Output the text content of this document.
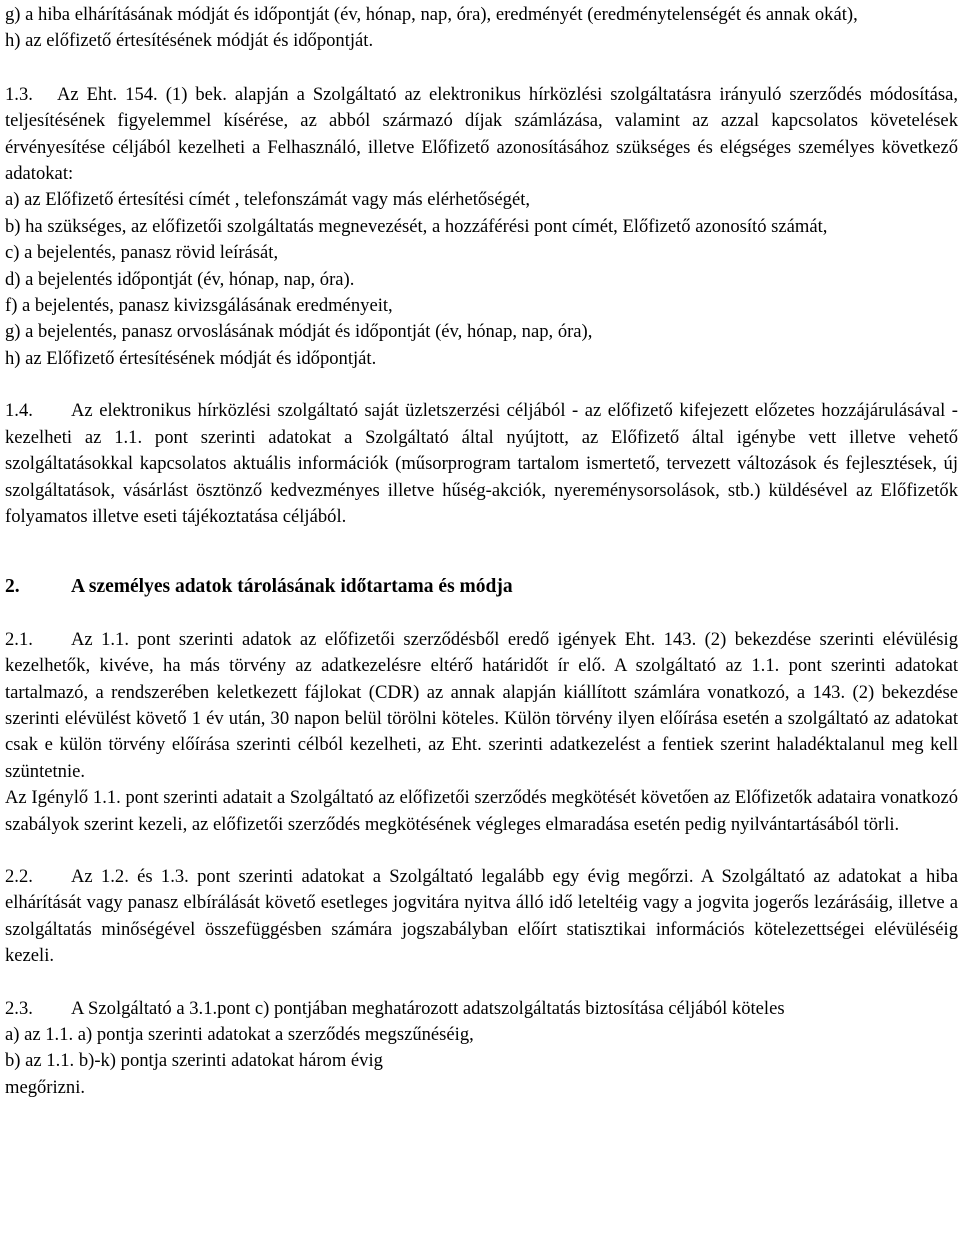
g) a hiba elhárításának módját és időpontját (év, hónap, nap, óra), eredményét (eredménytelenségét és annak okát),

h) az előfizető értesítésének módját és időpontját.

1.3. Az Eht. 154. (1) bek. alapján a Szolgáltató az elektronikus hírközlési szolgáltatásra irányuló szerződés módosítása, teljesítésének figyelemmel kísérése, az abból származó díjak számlázása, valamint az azzal kapcsolatos követelések érvényesítése céljából kezelheti a Felhasználó, illetve Előfizető azonosításához szükséges és elégséges személyes következő adatokat:

a) az Előfizető értesítési címét , telefonszámát vagy más elérhetőségét,

b) ha szükséges, az előfizetői szolgáltatás megnevezését, a hozzáférési pont címét, Előfizető azonosító számát,

c) a bejelentés, panasz rövid leírását,

d) a bejelentés időpontját (év, hónap, nap, óra).

f) a bejelentés, panasz kivizsgálásának eredményeit,

g) a bejelentés, panasz orvoslásának módját és időpontját (év, hónap, nap, óra),

h) az Előfizető értesítésének módját és időpontját.

1.4. Az elektronikus hírközlési szolgáltató saját üzletszerzési céljából - az előfizető kifejezett előzetes hozzájárulásával - kezelheti az 1.1. pont szerinti adatokat a Szolgáltató által nyújtott, az Előfizető által igénybe vett illetve vehető szolgáltatásokkal kapcsolatos aktuális információk (műsorprogram tartalom ismertető, tervezett változások és fejlesztések, új szolgáltatások, vásárlást ösztönző kedvezményes illetve hűség-akciók, nyereménysorsolások, stb.) küldésével az Előfizetők folyamatos illetve eseti tájékoztatása céljából.

2.	A személyes adatok tárolásának időtartama és módja

2.1. Az 1.1. pont szerinti adatok az előfizetői szerződésből eredő igények Eht. 143. (2) bekezdése szerinti elévülésig kezelhetők, kivéve, ha más törvény az adatkezelésre eltérő határidőt ír elő. A szolgáltató az 1.1. pont szerinti adatokat tartalmazó, a rendszerében keletkezett fájlokat (CDR) az annak alapján kiállított számlára vonatkozó, a 143. (2) bekezdése szerinti elévülést követő 1 év után, 30 napon belül törölni köteles. Külön törvény ilyen előírása esetén a szolgáltató az adatokat csak e külön törvény előírása szerinti célból kezelheti, az Eht. szerinti adatkezelést a fentiek szerint haladéktalanul meg kell szüntetnie.

Az Igénylő 1.1. pont szerinti adatait a Szolgáltató az előfizetői szerződés megkötését követően az Előfizetők adataira vonatkozó szabályok szerint kezeli, az előfizetői szerződés megkötésének végleges elmaradása esetén pedig nyilvántartásából törli.

2.2. Az 1.2. és 1.3. pont szerinti adatokat a Szolgáltató legalább egy évig megőrzi. A Szolgáltató az adatokat a hiba elhárítását vagy panasz elbírálását követő esetleges jogvitára nyitva álló idő leteltéig vagy a jogvita jogerős lezárásáig, illetve a szolgáltatás minőségével összefüggésben számára jogszabályban előírt statisztikai információs kötelezettségei elévüléséig kezeli.

2.3. A Szolgáltató a 3.1.pont c) pontjában meghatározott adatszolgáltatás biztosítása céljából köteles

a) az 1.1. a) pontja szerinti adatokat a szerződés megszűnéséig,

b) az 1.1. b)-k) pontja szerinti adatokat három évig

megőrizni.
